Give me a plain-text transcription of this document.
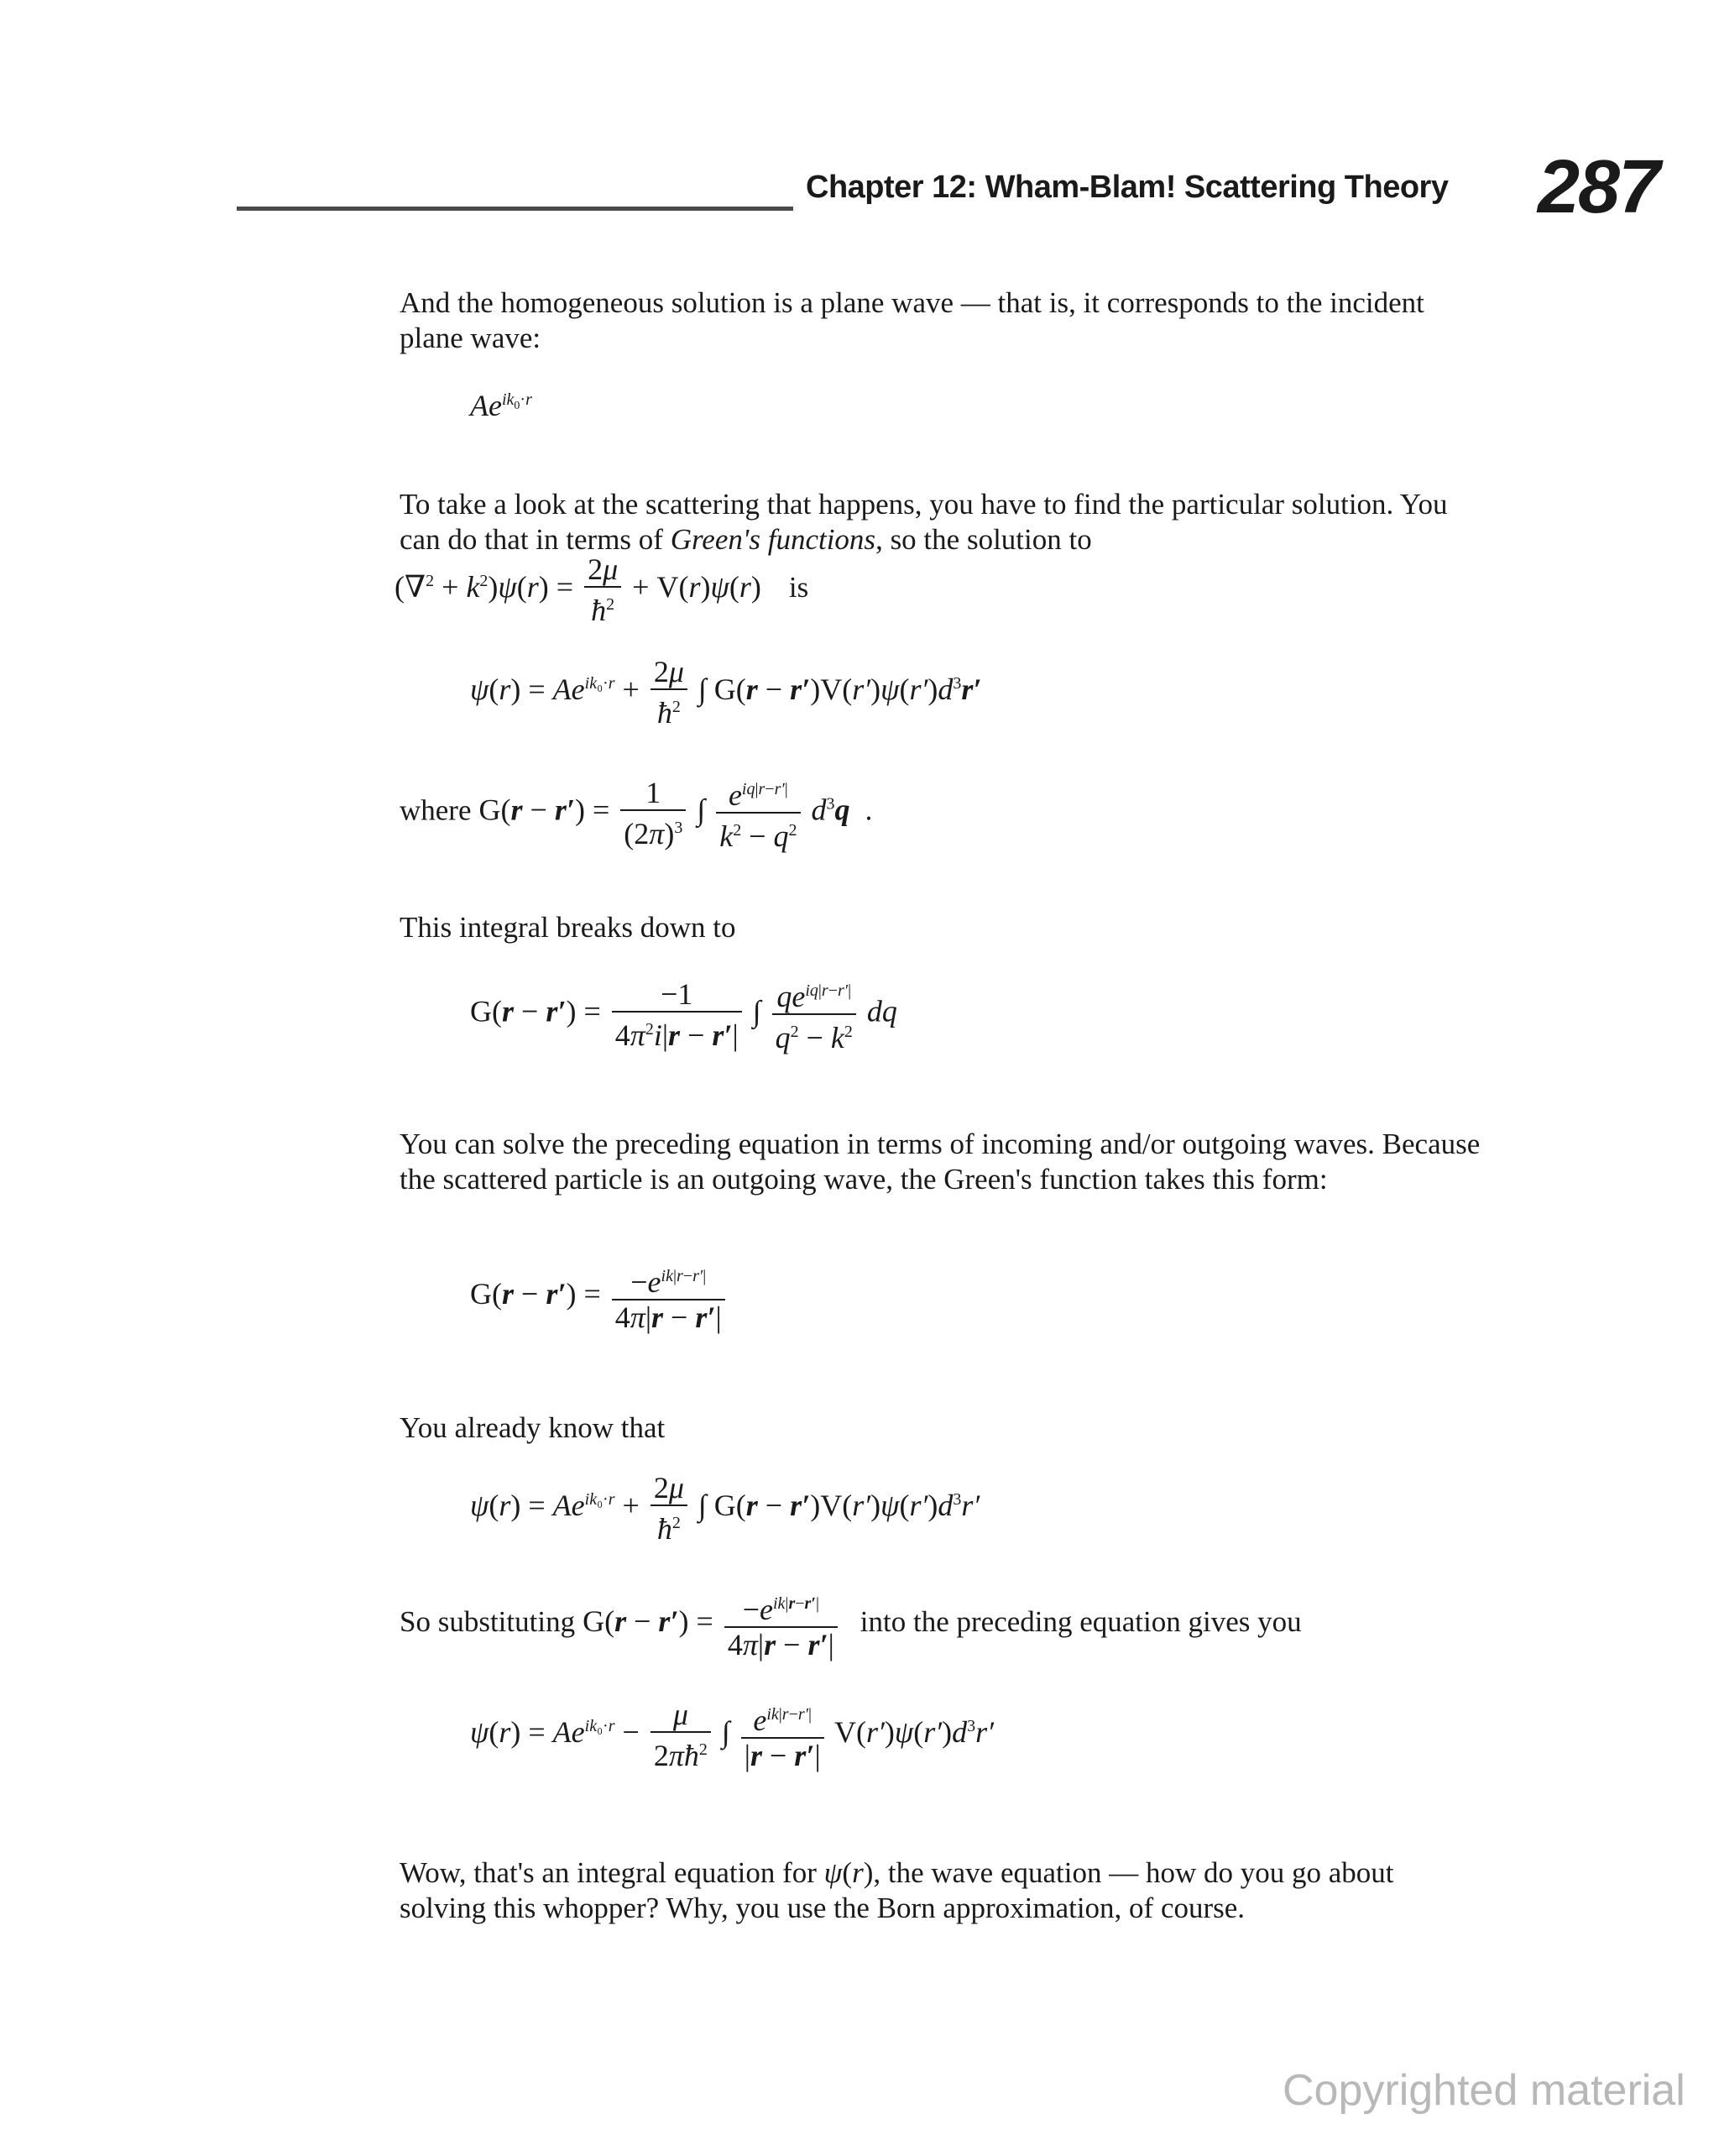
Chapter 12: Wham-Blam! Scattering Theory 287
And the homogeneous solution is a plane wave — that is, it corresponds to the incident plane wave:
$Ae^{ik_0\cdot r}$
To take a look at the scattering that happens, you have to find the particular solution. You can do that in terms of Green's functions, so the solution to
$(\nabla^2 + k^2)\psi(r) = \frac{2\mu}{ħ^2} + V(r)\psi(r)$ is
$\psi(r) = Ae^{ik_0\cdot r} + \frac{2\mu}{ħ^2}$ ∫ $G(r - r')V(r')\psi(r')d^3r'$
where $G(r - r') = \frac{1}{(2\pi)^3}$ ∫ $\frac{e^{iq|r-r'|}}{k^2 - q^2} d^3q$  .
This integral breaks down to
$G(r - r') = \frac{-1}{4\pi^2i|r - r'|}$ ∫ $\frac{qe^{iq|r-r'|}}{q^2 - k^2}$ dq
You can solve the preceding equation in terms of incoming and/or outgoing waves. Because the scattered particle is an outgoing wave, the Green's function takes this form:
$G(r - r') = \frac{-e^{ik|r-r'|}}{4\pi|r - r'|}$
You already know that
$\psi(r) = Ae^{ik_0\cdot r} + \frac{2\mu}{ħ^2}$ ∫ $G(r - r')V(r')\psi(r')d^3r'$
So substituting $G(r - r') = \frac{-e^{ik|r-r'|}}{4\pi|r - r'|}$ into the preceding equation gives you
$\psi(r) = Ae^{ik_0\cdot r} - \frac{\mu}{2\pi ħ^2}$ ∫ $\frac{e^{ik|r-r'|}}{|r - r'|} V(r')\psi(r')d^3r'$
Wow, that's an integral equation for ψ(r), the wave equation — how do you go about solving this whopper? Why, you use the Born approximation, of course.
Copyrighted material
